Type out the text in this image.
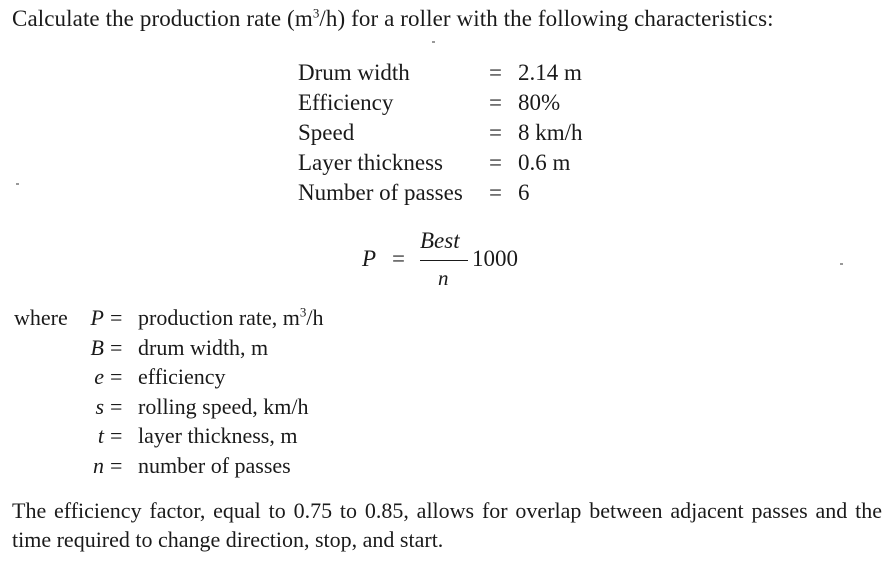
Calculate the production rate $(m^3/h)$ for a roller with the following characteristics:
Drum width	= 2.14 m
Efficiency	= 80%
Speed	= 8 km/h
Layer thickness = 0.6 m
Number of passes = 6
P =
Best
n
1000
where P = production rate, $m^3/h$
B = drum width, m
e = efficiency
s = rolling speed, km/h
t = layer thickness, m
n = number of passes
The efficiency factor, equal to 0.75 to 0.85, allows for overlap between adjacent passes and the time required to change direction, stop, and start.
